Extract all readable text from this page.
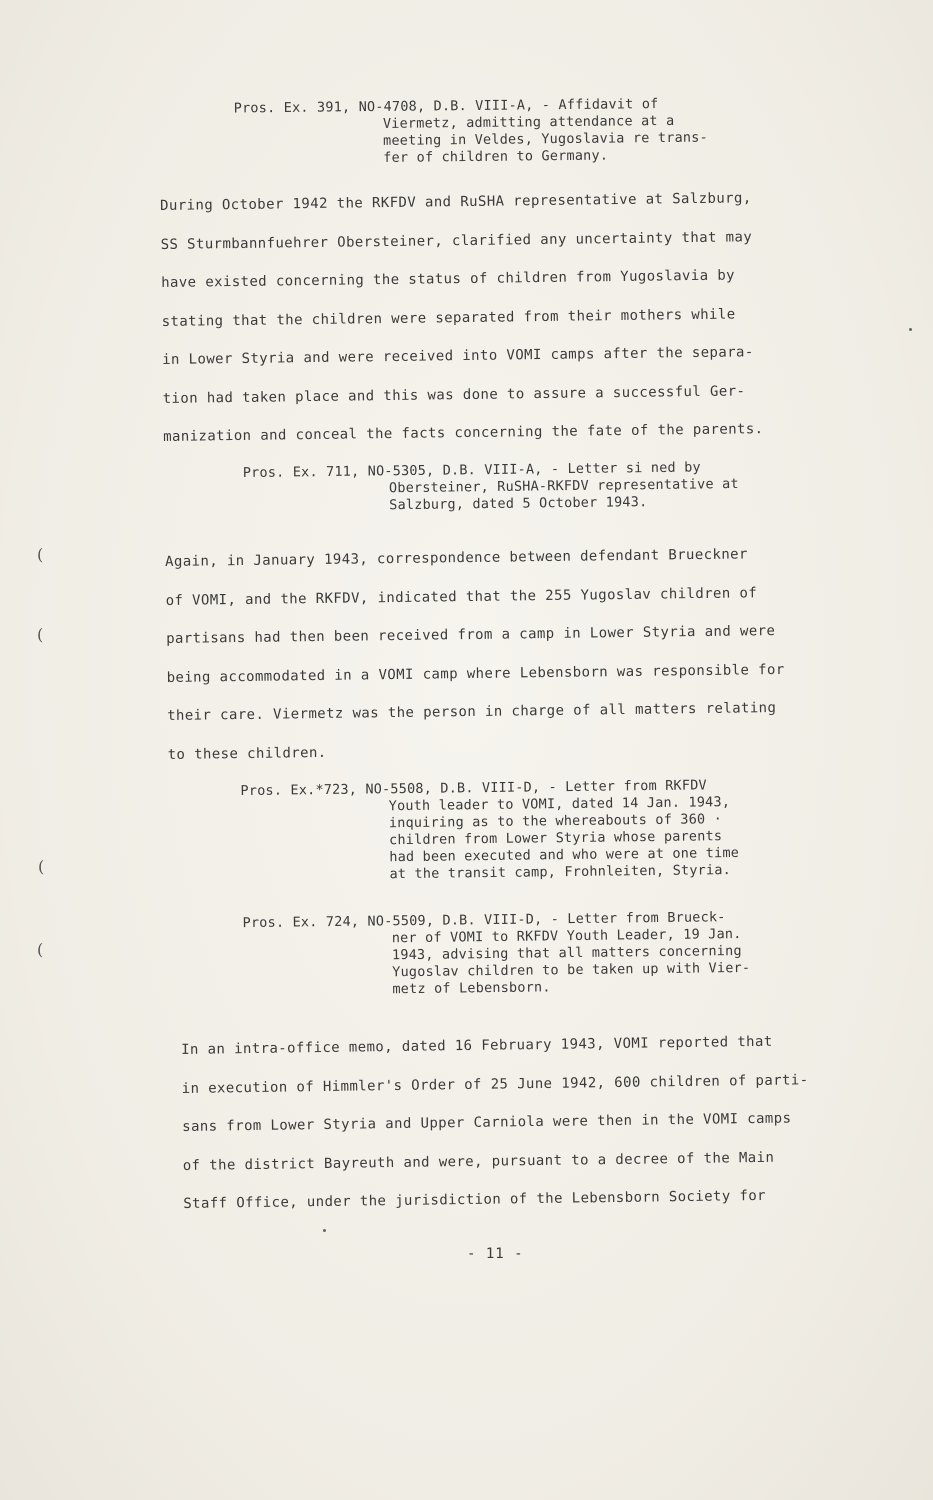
Pros. Ex. 391, NO-4708, D.B. VIII-A, - Affidavit of
Viermetz, admitting attendance at a
meeting in Veldes, Yugoslavia re trans-
fer of children to Germany.
During October 1942 the RKFDV and RuSHA representative at Salzburg,
SS Sturmbannfuehrer Obersteiner, clarified any uncertainty that may
have existed concerning the status of children from Yugoslavia by
stating that the children were separated from their mothers while
in Lower Styria and were received into VOMI camps after the separa-
tion had taken place and this was done to assure a successful Ger-
manization and conceal the facts concerning the fate of the parents.
Pros. Ex. 711, NO-5305, D.B. VIII-A, - Letter si ned by
Obersteiner, RuSHA-RKFDV representative at
Salzburg, dated 5 October 1943.
Again, in January 1943, correspondence between defendant Brueckner
of VOMI, and the RKFDV, indicated that the 255 Yugoslav children of
partisans had then been received from a camp in Lower Styria and were
being accommodated in a VOMI camp where Lebensborn was responsible for
their care. Viermetz was the person in charge of all matters relating
to these children.
Pros. Ex.*723, NO-5508, D.B. VIII-D, - Letter from RKFDV
Youth leader to VOMI, dated 14 Jan. 1943,
inquiring as to the whereabouts of 360 ·
children from Lower Styria whose parents
had been executed and who were at one time
at the transit camp, Frohnleiten, Styria.
Pros. Ex. 724, NO-5509, D.B. VIII-D, - Letter from Brueck-
ner of VOMI to RKFDV Youth Leader, 19 Jan.
1943, advising that all matters concerning
Yugoslav children to be taken up with Vier-
metz of Lebensborn.
In an intra-office memo, dated 16 February 1943, VOMI reported that
in execution of Himmler's Order of 25 June 1942, 600 children of parti-
sans from Lower Styria and Upper Carniola were then in the VOMI camps
of the district Bayreuth and were, pursuant to a decree of the Main
Staff Office, under the jurisdiction of the Lebensborn Society for
- 11 -
(
(
(
(
